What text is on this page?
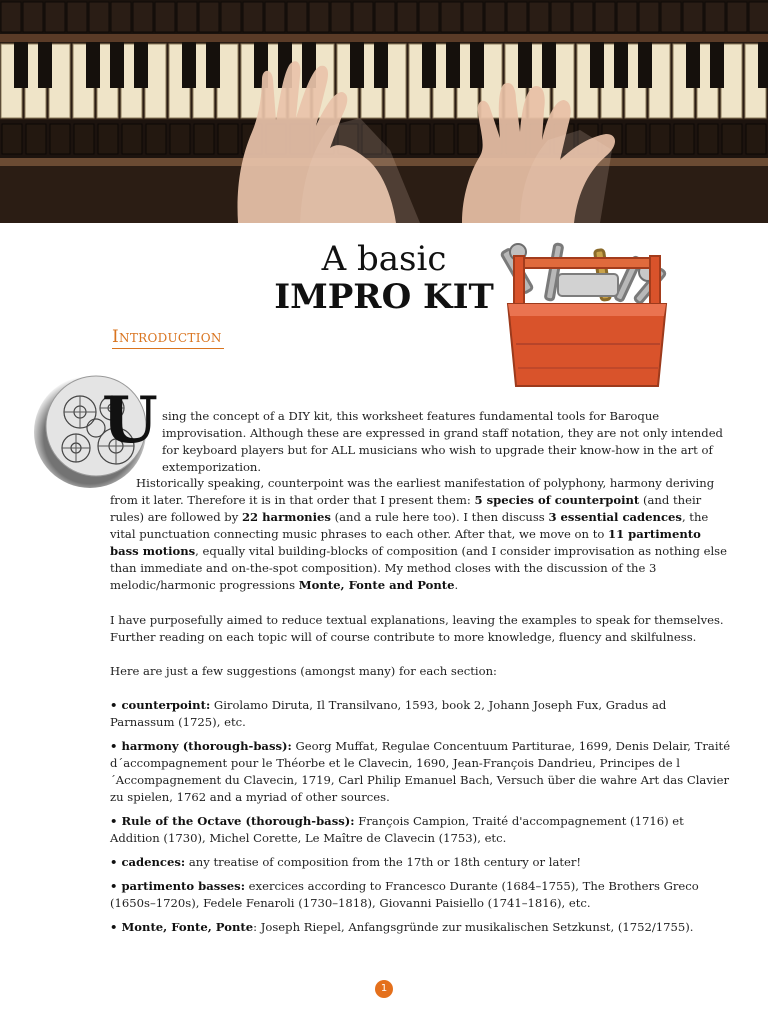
A basic
IMPRO KIT
Introduction
U sing the concept of a DIY kit, this worksheet features fundamental tools for Baroque improvisation. Although these are expressed in grand staff notation, they are not only intended for keyboard players but for ALL musicians who wish to upgrade their know-how in the art of extemporization.

Historically speaking, counterpoint was the earliest manifestation of polyphony, harmony deriving from it later. Therefore it is in that order that I present them: 5 species of counterpoint (and their rules) are followed by 22 harmonies (and a rule here too). I then discuss 3 essential cadences, the vital punctuation connecting music phrases to each other. After that, we move on to 11 partimento bass motions, equally vital building-blocks of composition (and I consider improvisation as nothing else than immediate and on-the-spot composition). My method closes with the discussion of the 3 melodic/harmonic progressions Monte, Fonte and Ponte.

I have purposefully aimed to reduce textual explanations, leaving the examples to speak for themselves. Further reading on each topic will of course contribute to more knowledge, fluency and skilfulness.

Here are just a few suggestions (amongst many) for each section:

• counterpoint: Girolamo Diruta, Il Transilvano, 1593, book 2, Johann Joseph Fux, Gradus ad Parnassum (1725), etc.

• harmony (thorough-bass): Georg Muffat, Regulae Concentuum Partiturae, 1699, Denis Delair, Traité d´accompagnement pour le Théorbe et le Clavecin, 1690, Jean-François Dandrieu, Principes de l´Accompagnement du Clavecin, 1719, Carl Philip Emanuel Bach, Versuch über die wahre Art das Clavier zu spielen, 1762 and a myriad of other sources.

• Rule of the Octave (thorough-bass): François Campion, Traité d'accompagnement (1716) et Addition (1730), Michel Corette, Le Maître de Clavecin (1753), etc.

• cadences: any treatise of composition from the 17th or 18th century or later!

• partimento basses: exercices according to Francesco Durante (1684–1755), The Brothers Greco (1650s–1720s), Fedele Fenaroli (1730–1818), Giovanni Paisiello (1741–1816), etc.

• Monte, Fonte, Ponte: Joseph Riepel, Anfangsgründe zur musikalischen Setzkunst, (1752/1755).

1
